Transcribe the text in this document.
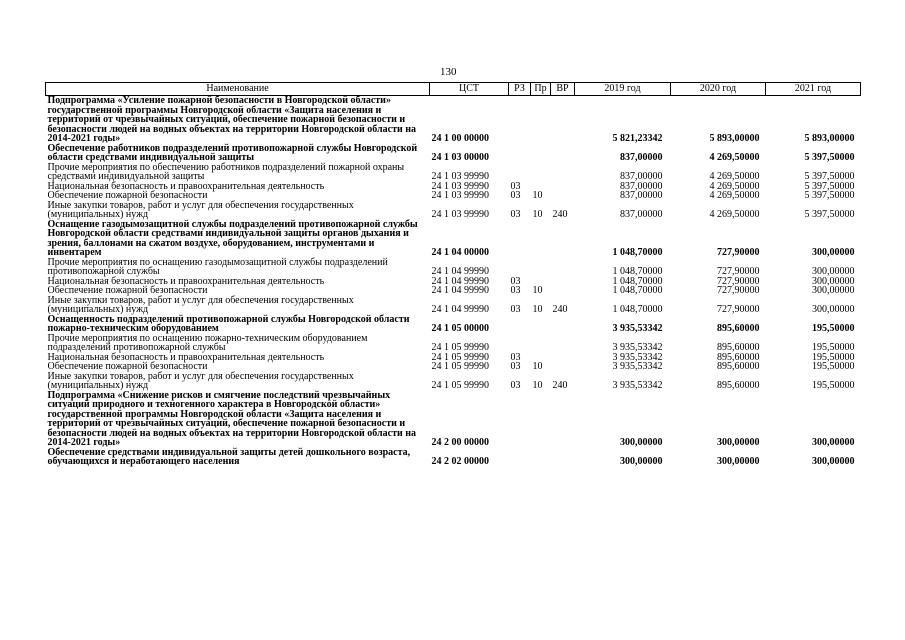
130
Наименование	ЦСТ	РЗ	Пр	ВР	2019 год	2020 год	2021 год
Подпрограмма «Усиление пожарной безопасности в Новгородской области» государственной программы Новгородской области «Защита населения и территорий от чрезвычайных ситуаций, обеспечение пожарной безопасности и безопасности людей на водных объектах на территории Новгородской области на 2014-2021 годы»	24 1 00 00000				5 821,23342	5 893,00000	5 893,00000
Обеспечение работников подразделений противопожарной службы Новгородской области средствами индивидуальной защиты	24 1 03 00000				837,00000	4 269,50000	5 397,50000
Прочие мероприятия по обеспечению работников подразделений пожарной охраны средствами индивидуальной защиты	24 1 03 99990				837,00000	4 269,50000	5 397,50000
Национальная безопасность и правоохранительная деятельность	24 1 03 99990	03			837,00000	4 269,50000	5 397,50000
Обеспечение пожарной безопасности	24 1 03 99990	03	10		837,00000	4 269,50000	5 397,50000
Иные закупки товаров, работ и услуг для обеспечения государственных (муниципальных) нужд	24 1 03 99990	03	10	240	837,00000	4 269,50000	5 397,50000
Оснащение газодымозащитной службы подразделений противопожарной службы Новгородской области средствами индивидуальной защиты органов дыхания и зрения, баллонами на сжатом воздухе, оборудованием, инструментами и инвентарем	24 1 04 00000				1 048,70000	727,90000	300,00000
Прочие мероприятия по оснащению газодымозащитной службы подразделений противопожарной службы	24 1 04 99990				1 048,70000	727,90000	300,00000
Национальная безопасность и правоохранительная деятельность	24 1 04 99990	03			1 048,70000	727,90000	300,00000
Обеспечение пожарной безопасности	24 1 04 99990	03	10		1 048,70000	727,90000	300,00000
Иные закупки товаров, работ и услуг для обеспечения государственных (муниципальных) нужд	24 1 04 99990	03	10	240	1 048,70000	727,90000	300,00000
Оснащенность подразделений противопожарной службы Новгородской области пожарно-техническим оборудованием	24 1 05 00000				3 935,53342	895,60000	195,50000
Прочие мероприятия по оснащению пожарно-техническим оборудованием подразделений противопожарной службы	24 1 05 99990				3 935,53342	895,60000	195,50000
Национальная безопасность и правоохранительная деятельность	24 1 05 99990	03			3 935,53342	895,60000	195,50000
Обеспечение пожарной безопасности	24 1 05 99990	03	10		3 935,53342	895,60000	195,50000
Иные закупки товаров, работ и услуг для обеспечения государственных (муниципальных) нужд	24 1 05 99990	03	10	240	3 935,53342	895,60000	195,50000
Подпрограмма «Снижение рисков и смягчение последствий чрезвычайных ситуаций природного и техногенного характера в Новгородской области» государственной программы Новгородской области «Защита населения и территорий от чрезвычайных ситуаций, обеспечение пожарной безопасности и безопасности людей на водных объектах на территории Новгородской области на 2014-2021 годы»	24 2 00 00000				300,00000	300,00000	300,00000
Обеспечение средствами индивидуальной защиты детей дошкольного возраста, обучающихся и неработающего населения	24 2 02 00000				300,00000	300,00000	300,00000
